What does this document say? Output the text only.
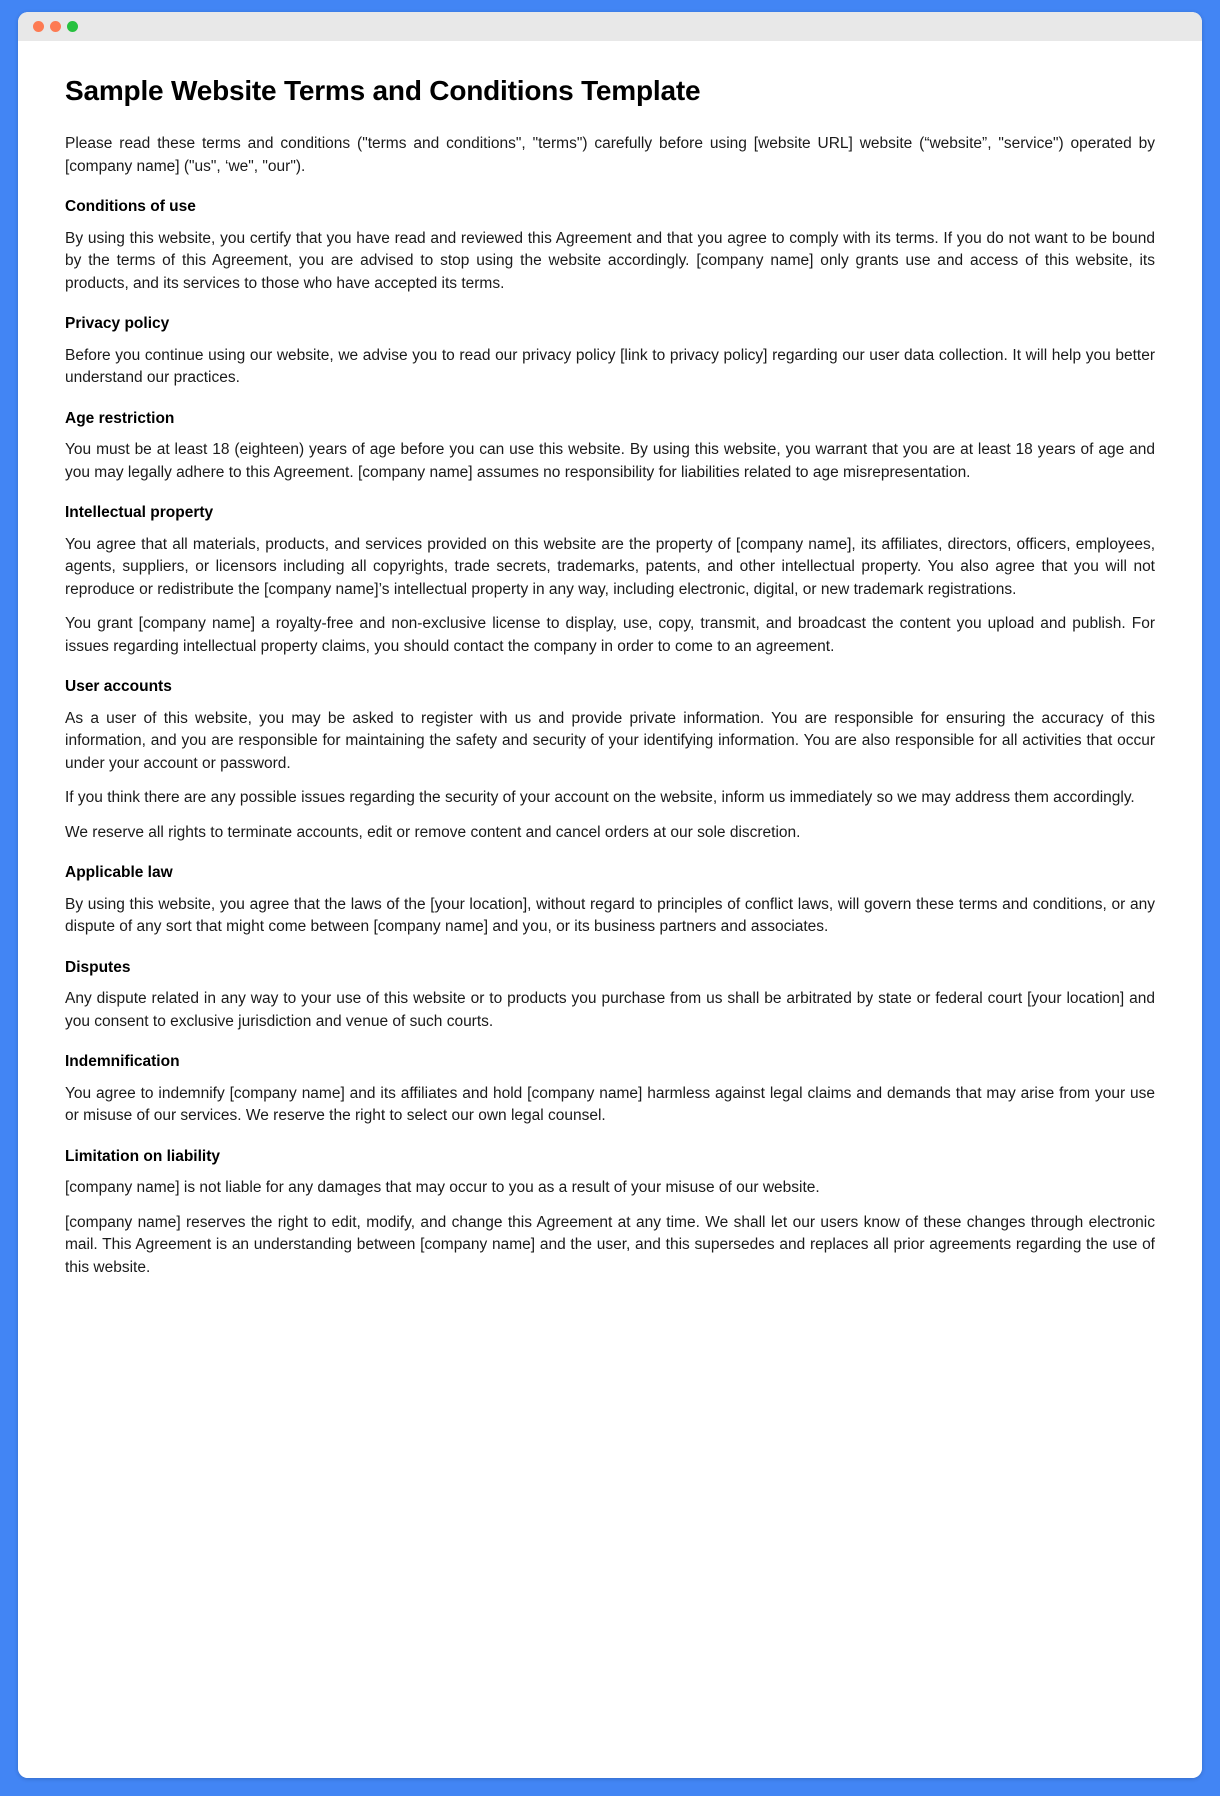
Sample Website Terms and Conditions Template

Please read these terms and conditions ("terms and conditions", "terms") carefully before using [website URL] website (“website”, "service") operated by [company name] ("us", ‘we", "our").

Conditions of use

By using this website, you certify that you have read and reviewed this Agreement and that you agree to comply with its terms. If you do not want to be bound by the terms of this Agreement, you are advised to stop using the website accordingly. [company name] only grants use and access of this website, its products, and its services to those who have accepted its terms.

Privacy policy

Before you continue using our website, we advise you to read our privacy policy [link to privacy policy] regarding our user data collection. It will help you better understand our practices.

Age restriction

You must be at least 18 (eighteen) years of age before you can use this website. By using this website, you warrant that you are at least 18 years of age and you may legally adhere to this Agreement. [company name] assumes no responsibility for liabilities related to age misrepresentation.

Intellectual property

You agree that all materials, products, and services provided on this website are the property of [company name], its affiliates, directors, officers, employees, agents, suppliers, or licensors including all copyrights, trade secrets, trademarks, patents, and other intellectual property. You also agree that you will not reproduce or redistribute the [company name]’s intellectual property in any way, including electronic, digital, or new trademark registrations.

You grant [company name] a royalty-free and non-exclusive license to display, use, copy, transmit, and broadcast the content you upload and publish. For issues regarding intellectual property claims, you should contact the company in order to come to an agreement.

User accounts

As a user of this website, you may be asked to register with us and provide private information. You are responsible for ensuring the accuracy of this information, and you are responsible for maintaining the safety and security of your identifying information. You are also responsible for all activities that occur under your account or password.

If you think there are any possible issues regarding the security of your account on the website, inform us immediately so we may address them accordingly.

We reserve all rights to terminate accounts, edit or remove content and cancel orders at our sole discretion.

Applicable law

By using this website, you agree that the laws of the [your location], without regard to principles of conflict laws, will govern these terms and conditions, or any dispute of any sort that might come between [company name] and you, or its business partners and associates.

Disputes

Any dispute related in any way to your use of this website or to products you purchase from us shall be arbitrated by state or federal court [your location] and you consent to exclusive jurisdiction and venue of such courts.

Indemnification

You agree to indemnify [company name] and its affiliates and hold [company name] harmless against legal claims and demands that may arise from your use or misuse of our services. We reserve the right to select our own legal counsel.

Limitation on liability

[company name] is not liable for any damages that may occur to you as a result of your misuse of our website.

[company name] reserves the right to edit, modify, and change this Agreement at any time. We shall let our users know of these changes through electronic mail. This Agreement is an understanding between [company name] and the user, and this supersedes and replaces all prior agreements regarding the use of this website.
